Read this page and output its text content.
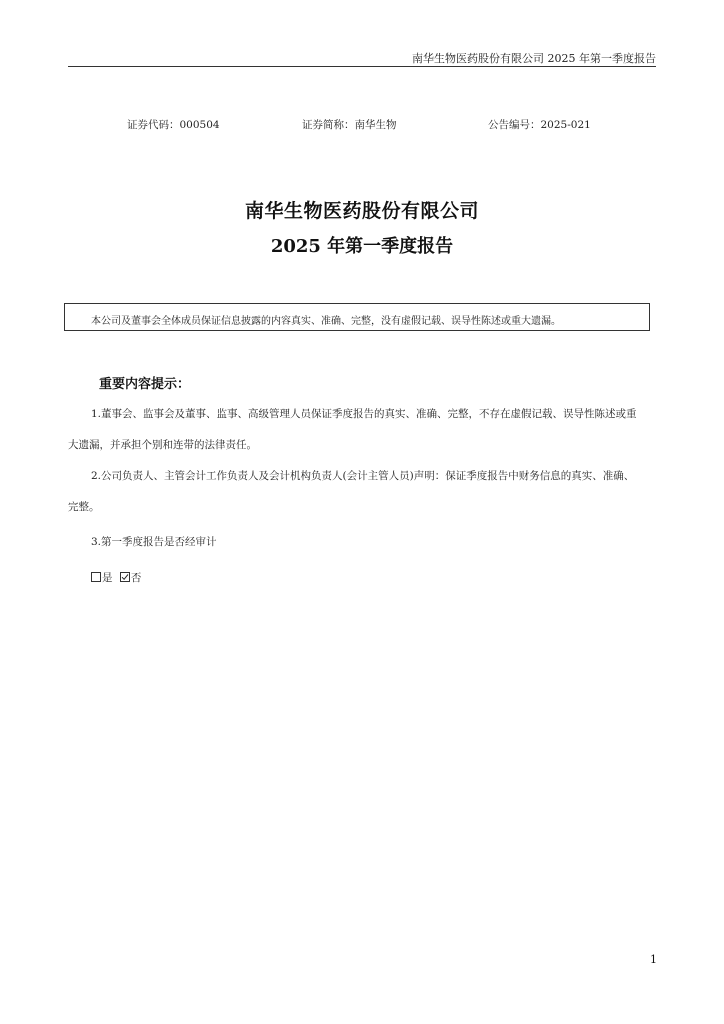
南华生物医药股份有限公司 2025 年第一季度报告
证券代码：000504	证券简称：南华生物	公告编号：2025-021
南华生物医药股份有限公司
2025 年第一季度报告
本公司及董事会全体成员保证信息披露的内容真实、准确、完整，没有虚假记载、误导性陈述或重大遗漏。
重要内容提示：

1.董事会、监事会及董事、监事、高级管理人员保证季度报告的真实、准确、完整，不存在虚假记载、误导性陈述或重大遗漏，并承担个别和连带的法律责任。

2.公司负责人、主管会计工作负责人及会计机构负责人(会计主管人员)声明：保证季度报告中财务信息的真实、准确、完整。

3.第一季度报告是否经审计

是 否
1
